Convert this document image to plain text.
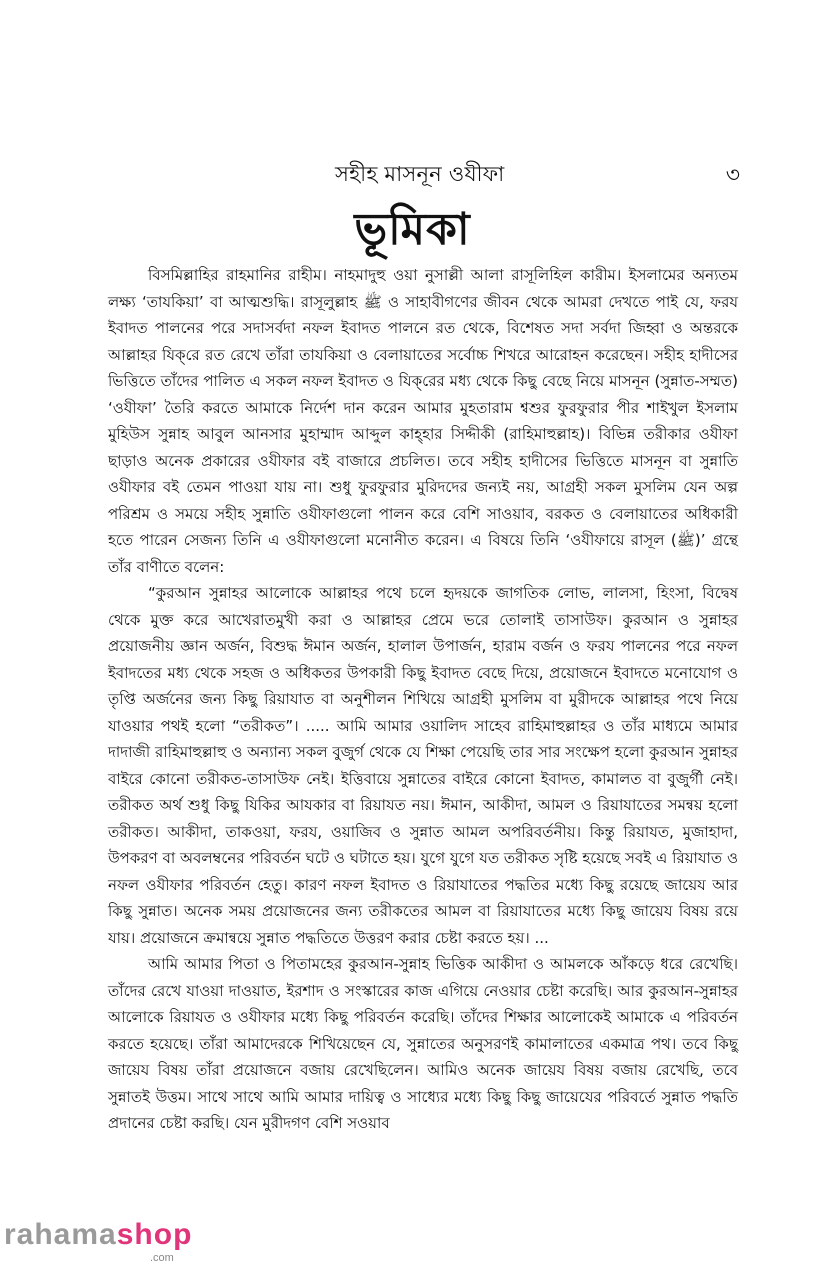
সহীহ মাসনূন ওযীফা	৩
ভূমিকা

বিসমিল্লাহির রাহমানির রাহীম। নাহমাদুহু ওয়া নুসাল্লী আলা রাসূলিহিল কারীম। ইসলামের অন্যতম লক্ষ্য ‘তাযকিয়া’ বা আত্মশুদ্ধি। রাসূলুল্লাহ ﷺ ও সাহাবীগণের জীবন থেকে আমরা দেখতে পাই যে, ফরয ইবাদত পালনের পরে সদাসর্বদা নফল ইবাদত পালনে রত থেকে, বিশেষত সদা সর্বদা জিহ্বা ও অন্তরকে আল্লাহর যিক্‌রে রত রেখে তাঁরা তাযকিয়া ও বেলায়াতের সর্বোচ্চ শিখরে আরোহন করেছেন। সহীহ হাদীসের ভিত্তিতে তাঁদের পালিত এ সকল নফল ইবাদত ও যিক্‌রের মধ্য থেকে কিছু বেছে নিয়ে মাসনূন (সুন্নাত-সম্মত) ‘ওযীফা’ তৈরি করতে আমাকে নির্দেশ দান করেন আমার মুহতারাম শ্বশুর ফুরফুরার পীর শাইখুল ইসলাম মুহিউস সুন্নাহ আবুল আনসার মুহাম্মাদ আব্দুল কাহ্হার সিদ্দীকী (রাহিমাহুল্লাহ)। বিভিন্ন তরীকার ওযীফা ছাড়াও অনেক প্রকারের ওযীফার বই বাজারে প্রচলিত। তবে সহীহ হাদীসের ভিত্তিতে মাসনূন বা সুন্নাতি ওযীফার বই তেমন পাওয়া যায় না। শুধু ফুরফুরার মুরিদদের জন্যই নয়, আগ্রহী সকল মুসলিম যেন অল্প পরিশ্রম ও সময়ে সহীহ সুন্নাতি ওযীফাগুলো পালন করে বেশি সাওয়াব, বরকত ও বেলায়াতের অধিকারী হতে পারেন সেজন্য তিনি এ ওযীফাগুলো মনোনীত করেন। এ বিষয়ে তিনি ‘ওযীফায়ে রাসূল (ﷺ)’ গ্রন্থে তাঁর বাণীতে বলেন:

“কুরআন সুন্নাহর আলোকে আল্লাহর পথে চলে হৃদয়কে জাগতিক লোভ, লালসা, হিংসা, বিদ্বেষ থেকে মুক্ত করে আখেরাতমুখী করা ও আল্লাহর প্রেমে ভরে তোলাই তাসাউফ। কুরআন ও সুন্নাহর প্রয়োজনীয় জ্ঞান অর্জন, বিশুদ্ধ ঈমান অর্জন, হালাল উপার্জন, হারাম বর্জন ও ফরয পালনের পরে নফল ইবাদতের মধ্য থেকে সহজ ও অধিকতর উপকারী কিছু ইবাদত বেছে দিয়ে, প্রয়োজনে ইবাদতে মনোযোগ ও তৃপ্তি অর্জনের জন্য কিছু রিয়াযাত বা অনুশীলন শিখিয়ে আগ্রহী মুসলিম বা মুরীদকে আল্লাহর পথে নিয়ে যাওয়ার পথই হলো “তরীকত”। ..... আমি আমার ওয়ালিদ সাহেব রাহিমাহুল্লাহর ও তাঁর মাধ্যমে আমার দাদাজী রাহিমাহুল্লাহু ও অন্যান্য সকল বুজুর্গ থেকে যে শিক্ষা পেয়েছি তার সার সংক্ষেপ হলো কুরআন সুন্নাহর বাইরে কোনো তরীকত-তাসাউফ নেই। ইত্তিবায়ে সুন্নাতের বাইরে কোনো ইবাদত, কামালত বা বুজুর্গী নেই। তরীকত অর্থ শুধু কিছু যিকির আযকার বা রিয়াযত নয়। ঈমান, আকীদা, আমল ও রিয়াযাতের সমন্বয় হলো তরীকত। আকীদা, তাকওয়া, ফরয, ওয়াজিব ও সুন্নাত আমল অপরিবর্তনীয়। কিন্তু রিয়াযত, মুজাহাদা, উপকরণ বা অবলম্বনের পরিবর্তন ঘটে ও ঘটাতে হয়। যুগে যুগে যত তরীকত সৃষ্টি হয়েছে সবই এ রিয়াযাত ও নফল ওযীফার পরিবর্তন হেতু। কারণ নফল ইবাদত ও রিয়াযাতের পদ্ধতির মধ্যে কিছু রয়েছে জায়েয আর কিছু সুন্নাত। অনেক সময় প্রয়োজনের জন্য তরীকতের আমল বা রিয়াযাতের মধ্যে কিছু জায়েয বিষয় রয়ে যায়। প্রয়োজনে ক্রমান্বয়ে সুন্নাত পদ্ধতিতে উত্তরণ করার চেষ্টা করতে হয়। ...

আমি আমার পিতা ও পিতামহের কুরআন-সুন্নাহ ভিত্তিক আকীদা ও আমলকে আঁকড়ে ধরে রেখেছি। তাঁদের রেখে যাওয়া দাওয়াত, ইরশাদ ও সংস্কারের কাজ এগিয়ে নেওয়ার চেষ্টা করেছি। আর কুরআন-সুন্নাহর আলোকে রিয়াযত ও ওযীফার মধ্যে কিছু পরিবর্তন করেছি। তাঁদের শিক্ষার আলোকেই আমাকে এ পরিবর্তন করতে হয়েছে। তাঁরা আমাদেরকে শিখিয়েছেন যে, সুন্নাতের অনুসরণই কামালাতের একমাত্র পথ। তবে কিছু জায়েয বিষয় তাঁরা প্রয়োজনে বজায় রেখেছিলেন। আমিও অনেক জায়েয বিষয় বজায় রেখেছি, তবে সুন্নাতই উত্তম। সাথে সাথে আমি আমার দায়িত্ব ও সাধ্যের মধ্যে কিছু কিছু জায়েযের পরিবর্তে সুন্নাত পদ্ধতি প্রদানের চেষ্টা করছি। যেন মুরীদগণ বেশি সওয়াব

rahamashop
.com
